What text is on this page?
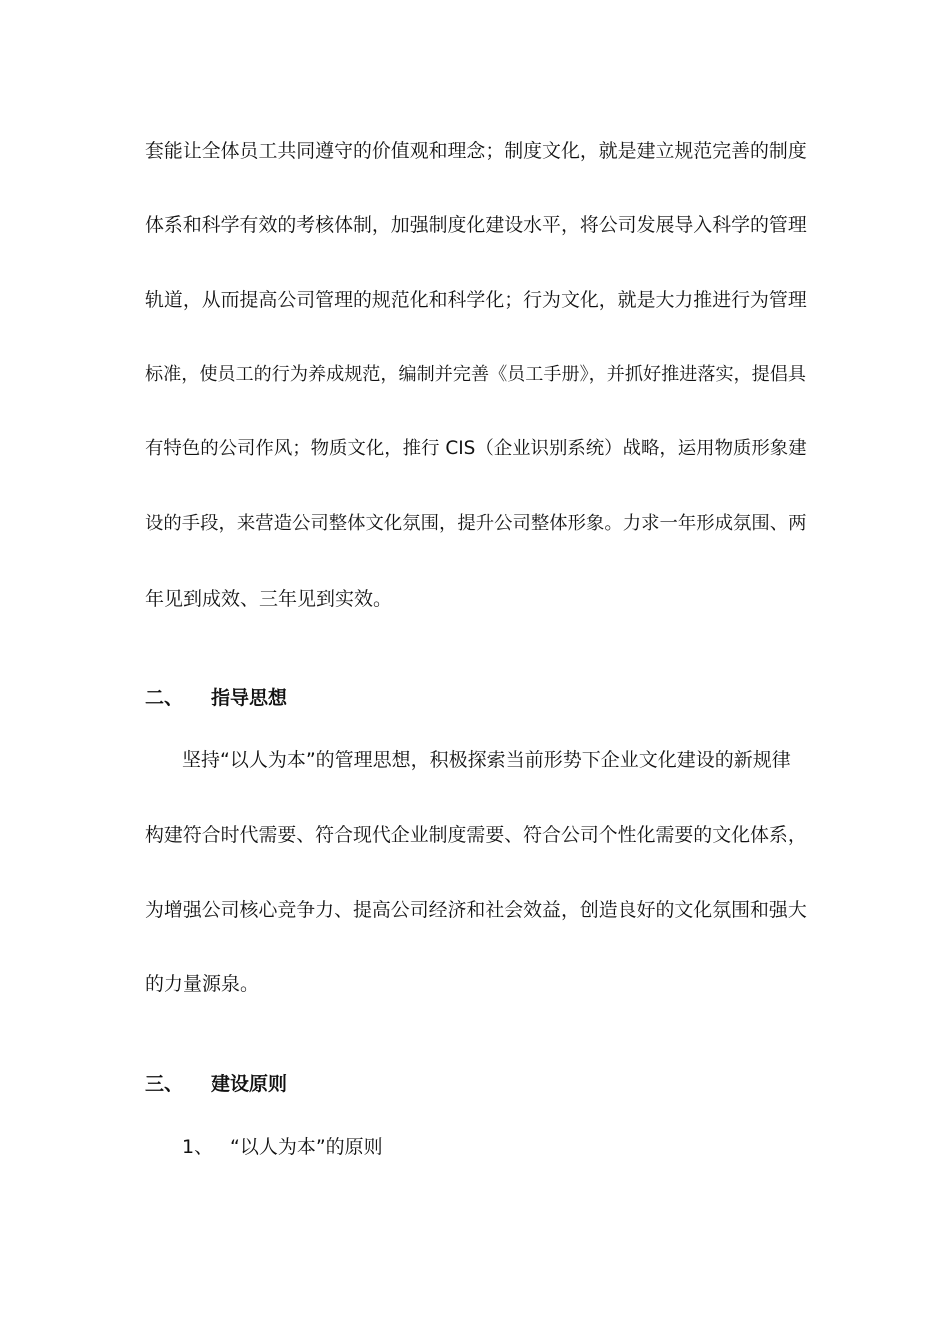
套能让全体员工共同遵守的价值观和理念；制度文化，就是建立规范完善的制度
体系和科学有效的考核体制，加强制度化建设水平，将公司发展导入科学的管理
轨道，从而提高公司管理的规范化和科学化；行为文化，就是大力推进行为管理
标准，使员工的行为养成规范，编制并完善《员工手册》，并抓好推进落实，提倡具
有特色的公司作风；物质文化，推行 CIS（企业识别系统）战略，运用物质形象建
设的手段，来营造公司整体文化氛围，提升公司整体形象。力求一年形成氛围、两
年见到成效、三年见到实效。
二、 指导思想
坚持“以人为本”的管理思想，积极探索当前形势下企业文化建设的新规律
构建符合时代需要、符合现代企业制度需要、符合公司个性化需要的文化体系，
为增强公司核心竞争力、提高公司经济和社会效益，创造良好的文化氛围和强大
的力量源泉。
三、 建设原则
1、 “以人为本”的原则
